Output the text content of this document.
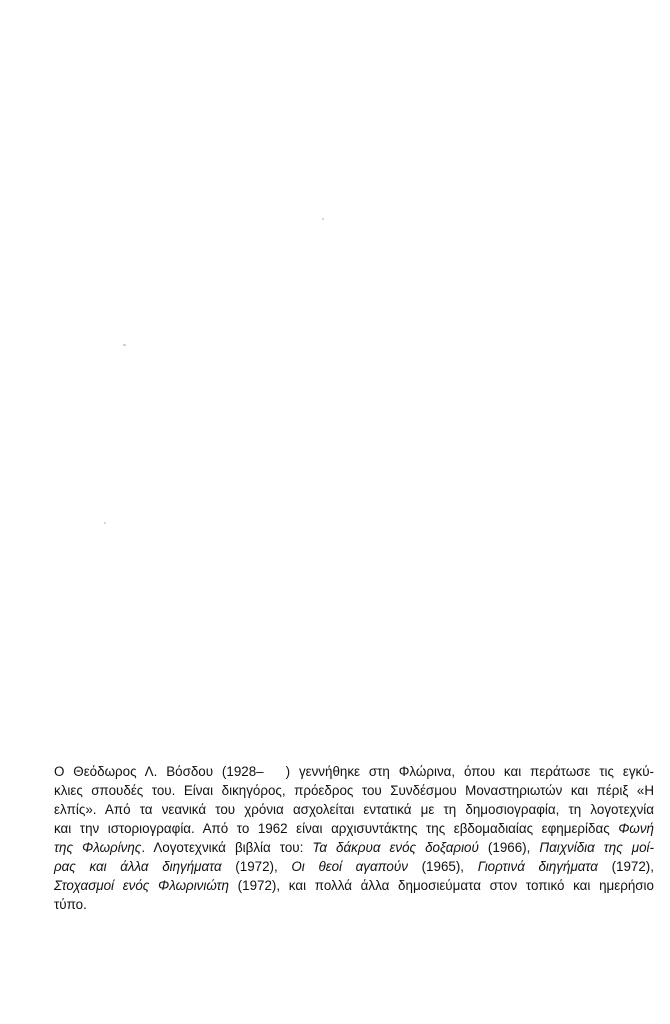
Ο Θεόδωρος Λ. Βόσδου (1928– ) γεννήθηκε στη Φλώρινα, όπου και περάτωσε τις εγκύ-
κλιες σπουδές του. Είναι δικηγόρος, πρόεδρος του Συνδέσμου Μοναστηριωτών και πέριξ «Η
ελπίς». Από τα νεανικά του χρόνια ασχολείται εντατικά με τη δημοσιογραφία, τη λογοτεχνία
και την ιστοριογραφία. Από το 1962 είναι αρχισυντάκτης της εβδομαδιαίας εφημερίδας Φωνή
της Φλωρίνης. Λογοτεχνικά βιβλία του: Τα δάκρυα ενός δοξαριού (1966), Παιχνίδια της μοί-
ρας και άλλα διηγήματα (1972), Οι θεοί αγαπούν (1965), Γιορτινά διηγήματα (1972),
Στοχασμοί ενός Φλωρινιώτη (1972), και πολλά άλλα δημοσιεύματα στον τοπικό και ημερήσιο
τύπο.
